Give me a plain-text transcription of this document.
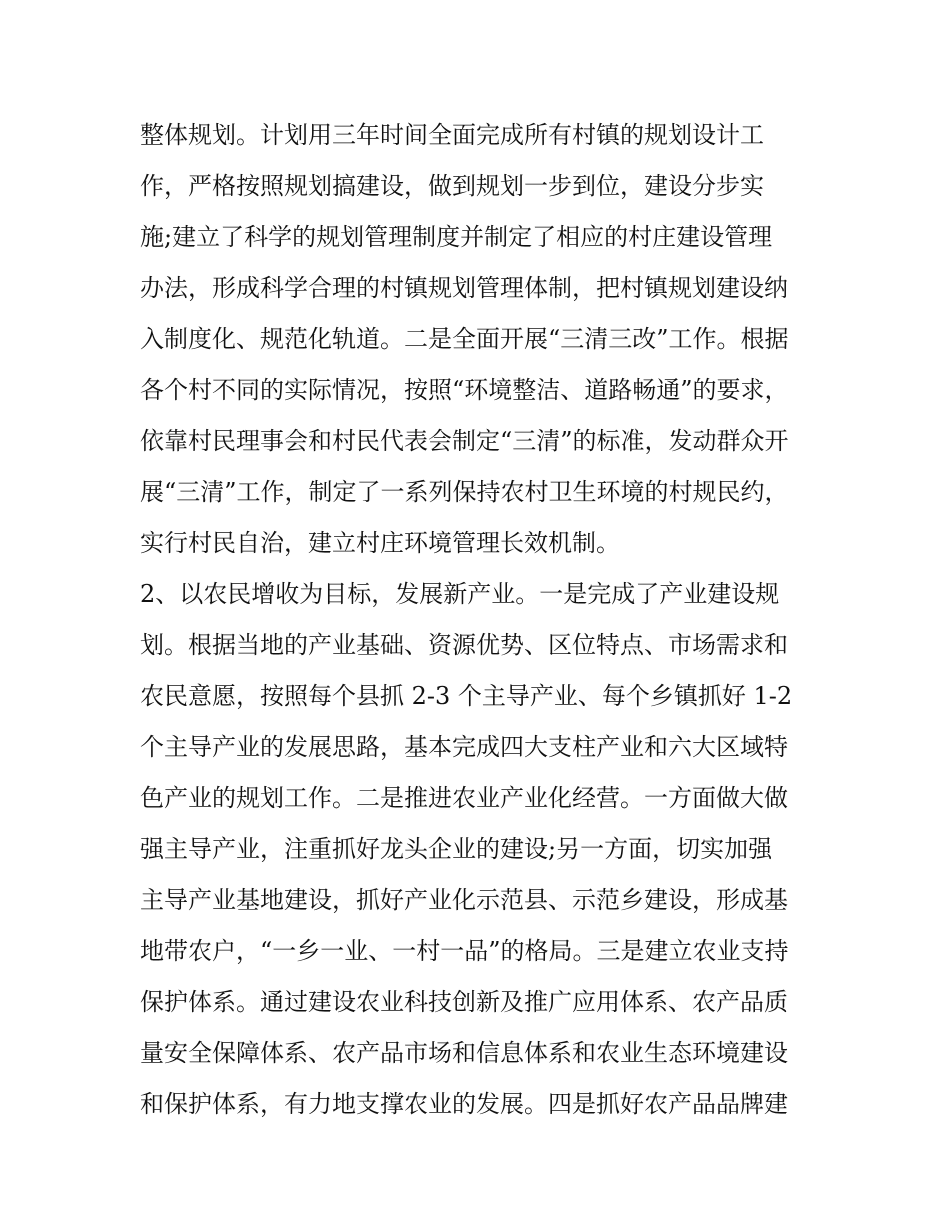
整体规划。计划用三年时间全面完成所有村镇的规划设计工
作，严格按照规划搞建设，做到规划一步到位，建设分步实
施;建立了科学的规划管理制度并制定了相应的村庄建设管理
办法，形成科学合理的村镇规划管理体制，把村镇规划建设纳
入制度化、规范化轨道。二是全面开展“三清三改”工作。根据
各个村不同的实际情况，按照“环境整洁、道路畅通”的要求，
依靠村民理事会和村民代表会制定“三清”的标准，发动群众开
展“三清”工作，制定了一系列保持农村卫生环境的村规民约，
实行村民自治，建立村庄环境管理长效机制。
2、以农民增收为目标，发展新产业。一是完成了产业建设规
划。根据当地的产业基础、资源优势、区位特点、市场需求和
农民意愿，按照每个县抓 2-3 个主导产业、每个乡镇抓好 1-2
个主导产业的发展思路，基本完成四大支柱产业和六大区域特
色产业的规划工作。二是推进农业产业化经营。一方面做大做
强主导产业，注重抓好龙头企业的建设;另一方面，切实加强
主导产业基地建设，抓好产业化示范县、示范乡建设，形成基
地带农户，“一乡一业、一村一品”的格局。三是建立农业支持
保护体系。通过建设农业科技创新及推广应用体系、农产品质
量安全保障体系、农产品市场和信息体系和农业生态环境建设
和保护体系，有力地支撑农业的发展。四是抓好农产品品牌建
